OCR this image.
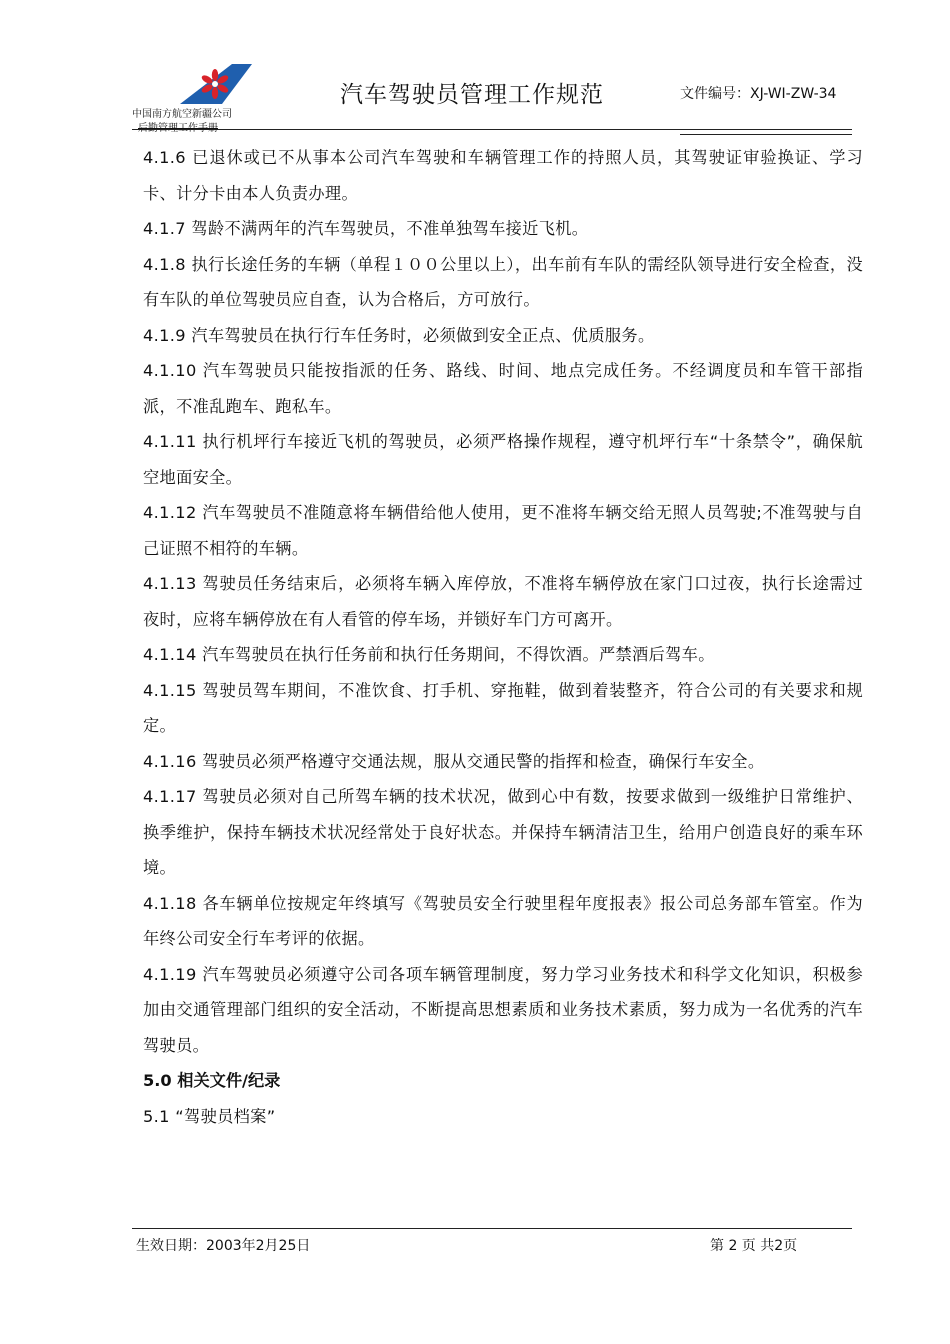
中国南方航空新疆公司
后勤管理工作手册
汽车驾驶员管理工作规范	文件编号：XJ-WI-ZW-34

4.1.6 已退休或已不从事本公司汽车驾驶和车辆管理工作的持照人员，其驾驶证审验换证、学习卡、计分卡由本人负责办理。

4.1.7 驾龄不满两年的汽车驾驶员，不准单独驾车接近飞机。

4.1.8 执行长途任务的车辆（单程１００公里以上），出车前有车队的需经队领导进行安全检查，没有车队的单位驾驶员应自查，认为合格后，方可放行。

4.1.9 汽车驾驶员在执行行车任务时，必须做到安全正点、优质服务。

4.1.10 汽车驾驶员只能按指派的任务、路线、时间、地点完成任务。不经调度员和车管干部指派，不准乱跑车、跑私车。

4.1.11 执行机坪行车接近飞机的驾驶员，必须严格操作规程，遵守机坪行车“十条禁令”，确保航空地面安全。

4.1.12 汽车驾驶员不准随意将车辆借给他人使用，更不准将车辆交给无照人员驾驶;不准驾驶与自己证照不相符的车辆。

4.1.13 驾驶员任务结束后，必须将车辆入库停放，不准将车辆停放在家门口过夜，执行长途需过夜时，应将车辆停放在有人看管的停车场，并锁好车门方可离开。

4.1.14 汽车驾驶员在执行任务前和执行任务期间，不得饮酒。严禁酒后驾车。

4.1.15 驾驶员驾车期间，不准饮食、打手机、穿拖鞋，做到着装整齐，符合公司的有关要求和规定。

4.1.16 驾驶员必须严格遵守交通法规，服从交通民警的指挥和检查，确保行车安全。

4.1.17 驾驶员必须对自己所驾车辆的技术状况，做到心中有数，按要求做到一级维护日常维护、换季维护，保持车辆技术状况经常处于良好状态。并保持车辆清洁卫生，给用户创造良好的乘车环境。

4.1.18 各车辆单位按规定年终填写《驾驶员安全行驶里程年度报表》报公司总务部车管室。作为年终公司安全行车考评的依据。

4.1.19 汽车驾驶员必须遵守公司各项车辆管理制度，努力学习业务技术和科学文化知识，积极参加由交通管理部门组织的安全活动，不断提高思想素质和业务技术素质，努力成为一名优秀的汽车驾驶员。

5.0 相关文件/纪录

5.1 “驾驶员档案”

生效日期：2003年2月25日	第 2 页 共2页
